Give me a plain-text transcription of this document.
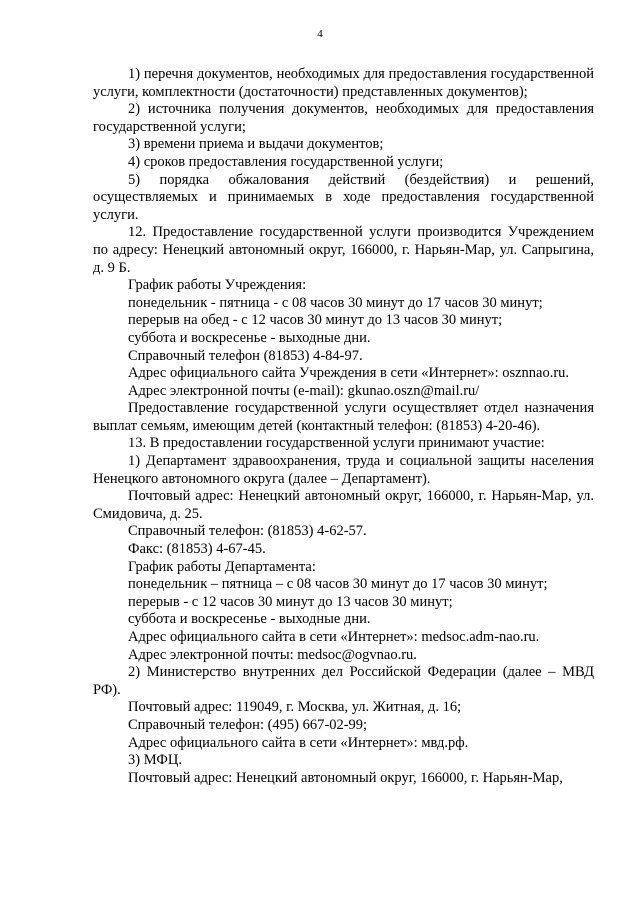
4

1) перечня документов, необходимых для предоставления государственной услуги, комплектности (достаточности) представленных документов);

2) источника получения документов, необходимых для предоставления государственной услуги;

3) времени приема и выдачи документов;

4) сроков предоставления государственной услуги;

5) порядка обжалования действий (бездействия) и решений, осуществляемых и принимаемых в ходе предоставления государственной услуги.

12. Предоставление государственной услуги производится Учреждением по адресу: Ненецкий автономный округ, 166000, г. Нарьян-Мар, ул. Сапрыгина, д. 9 Б.

График работы Учреждения:

понедельник - пятница - с 08 часов 30 минут до 17 часов 30 минут;

перерыв на обед - с 12 часов 30 минут до 13 часов 30 минут;

суббота и воскресенье - выходные дни.

Справочный телефон (81853) 4-84-97.

Адрес официального сайта Учреждения в сети «Интернет»: osznnao.ru.

Адрес электронной почты (e-mail): gkunao.oszn@mail.ru/

Предоставление государственной услуги осуществляет отдел назначения выплат семьям, имеющим детей (контактный телефон: (81853) 4-20-46).

13. В предоставлении государственной услуги принимают участие:

1) Департамент здравоохранения, труда и социальной защиты населения Ненецкого автономного округа (далее – Департамент).

Почтовый адрес: Ненецкий автономный округ, 166000, г. Нарьян-Мар, ул. Смидовича, д. 25.

Справочный телефон: (81853) 4-62-57.

Факс: (81853) 4-67-45.

График работы Департамента:

понедельник – пятница – с 08 часов 30 минут до 17 часов 30 минут;

перерыв - с 12 часов 30 минут до 13 часов 30 минут;

суббота и воскресенье - выходные дни.

Адрес официального сайта в сети «Интернет»: medsoc.adm-nao.ru.

Адрес электронной почты: medsoc@ogvnao.ru.

2) Министерство внутренних дел Российской Федерации (далее – МВД РФ).

Почтовый адрес: 119049, г. Москва, ул. Житная, д. 16;

Справочный телефон: (495) 667-02-99;

Адрес официального сайта в сети «Интернет»: мвд.рф.

3) МФЦ.

Почтовый адрес: Ненецкий автономный округ, 166000, г. Нарьян-Мар,
